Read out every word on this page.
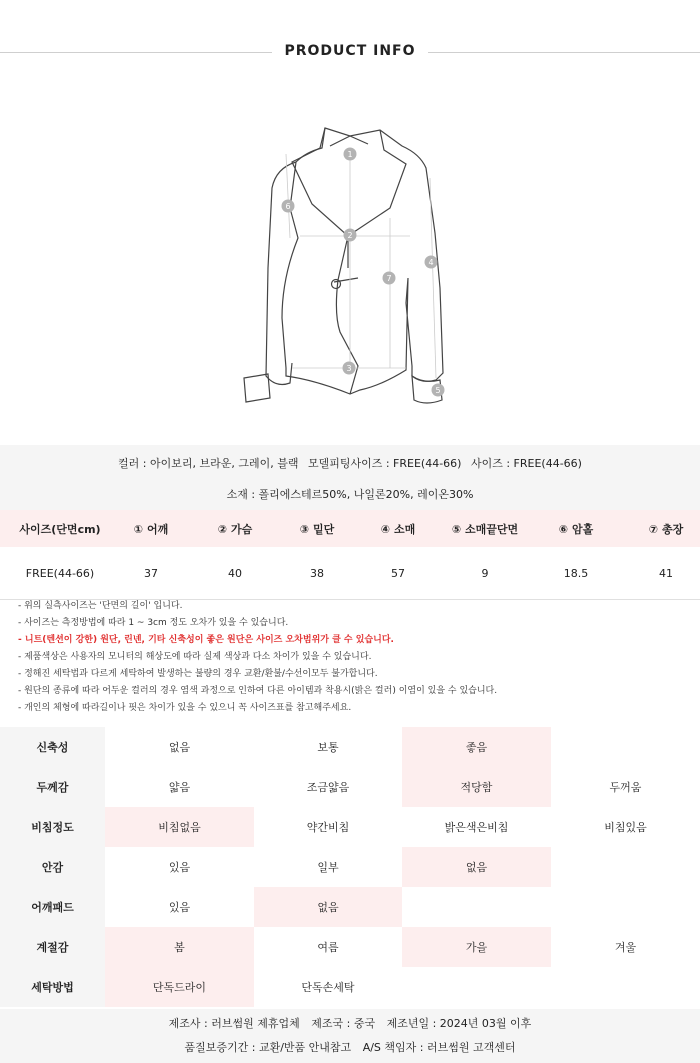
PRODUCT INFO
1
2
3
4
5
6
7
컬러 : 아이보리, 브라운, 그레이, 블랙 모델피팅사이즈 : FREE(44-66) 사이즈 : FREE(44-66)
소재 : 폴리에스테르50%, 나일론20%, 레이온30%
사이즈(단면cm)	① 어깨	② 가슴	③ 밑단	④ 소매	⑤ 소매끝단면	⑥ 암홀	⑦ 총장
FREE(44-66)	37	40	38	57	9	18.5	41
- 위의 실측사이즈는 '단면의 길이' 입니다.
- 사이즈는 측정방법에 따라 1 ~ 3cm 정도 오차가 있을 수 있습니다.
- 니트(텐션이 강한) 원단, 린넨, 기타 신축성이 좋은 원단은 사이즈 오차범위가 클 수 있습니다.
- 제품색상은 사용자의 모니터의 해상도에 따라 실제 색상과 다소 차이가 있을 수 있습니다.
- 정해진 세탁법과 다르게 세탁하여 발생하는 불량의 경우 교환/환불/수선이모두 불가합니다.
- 원단의 종류에 따라 어두운 컬러의 경우 염색 과정으로 인하여 다른 아이템과 착용시(밝은 컬러) 이염이 있을 수 있습니다.
- 개인의 체형에 따라길이나 핏은 차이가 있을 수 있으니 꼭 사이즈표를 참고해주세요.
신축성	없음	보통	좋음
두께감	얇음	조금얇음	적당함	두꺼움
비침정도	비침없음	약간비침	밝은색은비침	비침있음
안감	있음	일부	없음
어깨패드	있음	없음
계절감	봄	여름	가을	겨울
세탁방법	단독드라이	단독손세탁
제조사 : 러브썸원 제휴업체 제조국 : 중국 제조년일 : 2024년 03월 이후
품질보증기간 : 교환/반품 안내참고 A/S 책임자 : 러브썸원 고객센터
